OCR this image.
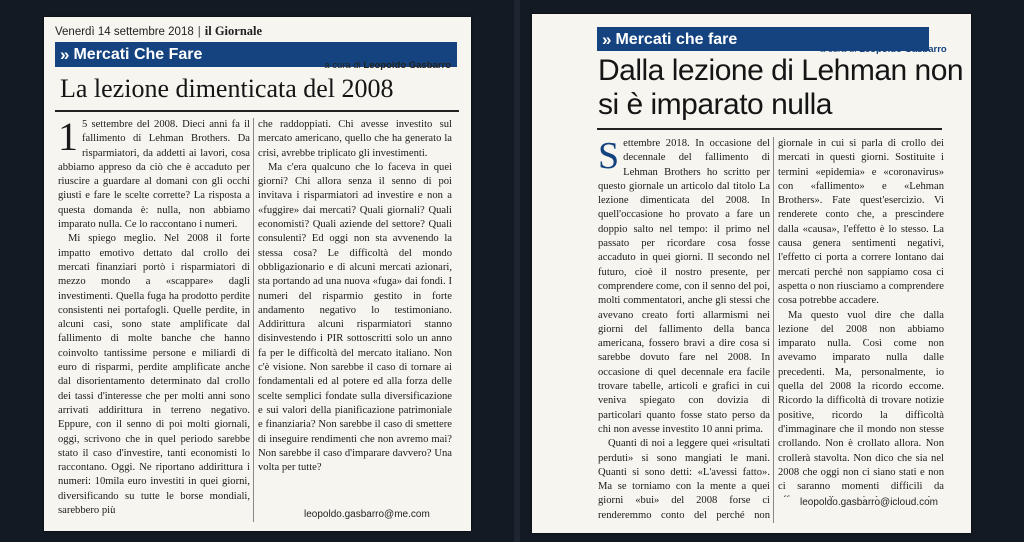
Venerdì 14 settembre 2018 | il Giornale
» Mercati Che Fare
a cura di Leopoldo Gasbarro
La lezione dimenticata del 2008

1 5 settembre del 2008. Dieci anni fa il fallimento di Lehman Brothers. Da risparmiatori, da addetti ai lavori, cosa abbiamo appreso da ciò che è accaduto per riuscire a guardare al domani con gli occhi giusti e fare le scelte corrette? La risposta a questa domanda è: nulla, non abbiamo imparato nulla. Ce lo raccontano i numeri.

Mi spiego meglio. Nel 2008 il forte impatto emotivo dettato dal crollo dei mercati finanziari portò i risparmiatori di mezzo mondo a «scappare» dagli investimenti. Quella fuga ha prodotto perdite consistenti nei portafogli. Quelle perdite, in alcuni casi, sono state amplificate dal fallimento di molte banche che hanno coinvolto tantissime persone e miliardi di euro di risparmi, perdite amplificate anche dal disorientamento determinato dal crollo dei tassi d'interesse che per molti anni sono arrivati addirittura in terreno negativo. Eppure, con il senno di poi molti giornali, oggi, scrivono che in quel periodo sarebbe stato il caso d'investire, tanti economisti lo raccontano. Oggi. Ne riportano addirittura i numeri: 10mila euro investiti in quei giorni, diversificando su tutte le borse mondiali, sarebbero più

che raddoppiati. Chi avesse investito sul mercato americano, quello che ha generato la crisi, avrebbe triplicato gli investimenti.

Ma c'era qualcuno che lo faceva in quei giorni? Chi allora senza il senno di poi invitava i risparmiatori ad investire e non a «fuggire» dai mercati? Quali giornali? Quali economisti? Quali aziende del settore? Quali consulenti? Ed oggi non sta avvenendo la stessa cosa? Le difficoltà del mondo obbligazionario e di alcuni mercati azionari, sta portando ad una nuova «fuga» dai fondi. I numeri del risparmio gestito in forte andamento negativo lo testimoniano. Addirittura alcuni risparmiatori stanno disinvestendo i PIR sottoscritti solo un anno fa per le difficoltà del mercato italiano. Non c'è visione. Non sarebbe il caso di tornare ai fondamentali ed al potere ed alla forza delle scelte semplici fondate sulla diversificazione e sui valori della pianificazione patrimoniale e finanziaria? Non sarebbe il caso di smettere di inseguire rendimenti che non avremo mai? Non sarebbe il caso d'imparare davvero? Una volta per tutte?

leopoldo.gasbarro@me.com
» Mercati che fare
a cura di Leopoldo Gasbarro
Dalla lezione di Lehman non si è imparato nulla

Settembre 2018. In occasione del decennale del fallimento di Lehman Brothers ho scritto per questo giornale un articolo dal titolo La lezione dimenticata del 2008. In quell'occasione ho provato a fare un doppio salto nel tempo: il primo nel passato per ricordare cosa fosse accaduto in quei giorni. Il secondo nel futuro, cioè il nostro presente, per comprendere come, con il senno del poi, molti commentatori, anche gli stessi che avevano creato forti allarmismi nei giorni del fallimento della banca americana, fossero bravi a dire cosa si sarebbe dovuto fare nel 2008. In occasione di quel decennale era facile trovare tabelle, articoli e grafici in cui veniva spiegato con dovizia di particolari quanto fosse stato perso da chi non avesse investito 10 anni prima.

Quanti di noi a leggere quei «risultati perduti» si sono mangiati le mani. Quanti si sono detti: «L'avessi fatto». Ma se torniamo con la mente a quei giorni «bui» del 2008 forse ci renderemmo conto del perché non

giornale in cui si parla di crollo dei mercati in questi giorni. Sostituite i termini «epidemia» e «coronavirus» con «fallimento» e «Lehman Brothers». Fate quest'esercizio. Vi renderete conto che, a prescindere dalla «causa», l'effetto è lo stesso. La causa genera sentimenti negativi, l'effetto ci porta a correre lontano dai mercati perché non sappiamo cosa ci aspetta o non riusciamo a comprendere cosa potrebbe accadere.

Ma questo vuol dire che dalla lezione del 2008 non abbiamo imparato nulla. Così come non avevamo imparato nulla dalle precedenti. Ma, personalmente, io quella del 2008 la ricordo eccome. Ricordo la difficoltà di trovare notizie positive, ricordo la difficoltà d'immaginare che il mondo non stesse crollando. Non è crollato allora. Non crollerà stavolta. Non dico che sia nel 2008 che oggi non ci siano stati e non ci saranno momenti difficili da

leopoldo.gasbarro@icloud.com
